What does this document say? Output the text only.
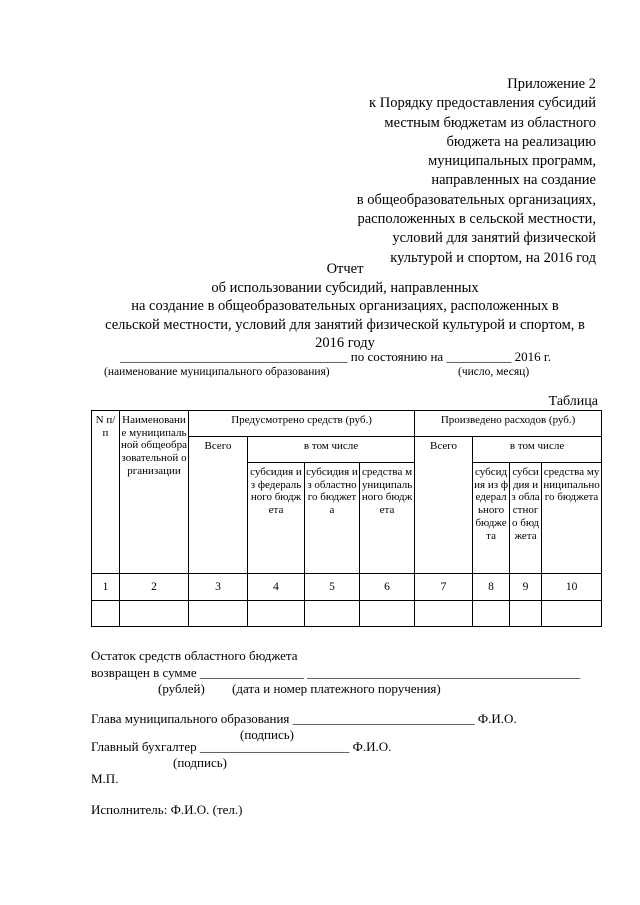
Приложение 2
к Порядку предоставления субсидий
местным бюджетам из областного
бюджета на реализацию
муниципальных программ,
направленных на создание
в общеобразовательных организациях,
расположенных в сельской местности,
условий для занятий физической
культурой и спортом, на 2016 год
Отчет
об использовании субсидий, направленных
на создание в общеобразовательных организациях, расположенных в
сельской местности, условий для занятий физической культурой и спортом, в
2016 году
___________________________________ по состоянию на __________ 2016 г.
(наименование муниципального образования)	(число, месяц)
Таблица
N п/п	Наименование муниципальной общеобразовательной организации	Предусмотрено средств (руб.)				Произведено расходов (руб.)			
		Всего	в том числе			Всего	в том числе		
			субсидия из федерального бюджета	субсидия из областного бюджета	средства муниципального бюджета		субсидия из федерального бюджета	субсидия из областного бюджета	средства муниципального бюджета
1	2	3	4	5	6	7	8	9	10

Остаток средств областного бюджета
возвращен в сумме ________________ __________________________________________
(рублей) (дата и номер платежного поручения)
Глава муниципального образования ____________________________ Ф.И.О.
(подпись)
Главный бухгалтер _______________________ Ф.И.О.
(подпись)
М.П.
Исполнитель: Ф.И.О. (тел.)
